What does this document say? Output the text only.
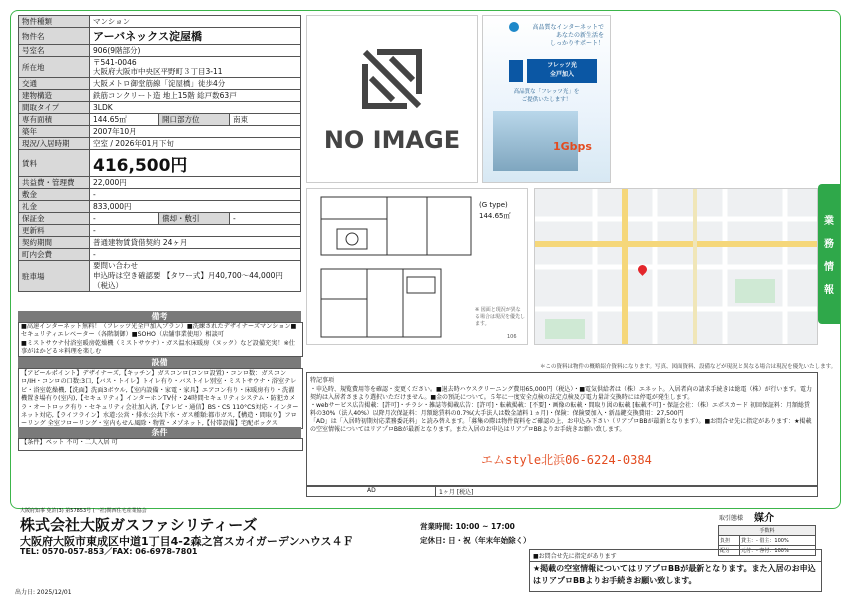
物件種類	マンション		
物件名	アーバネックス淀屋橋		
号室名	906(9階部分)		
所在地	〒541-0046
大阪府大阪市中央区平野町３丁目3-11		

交通	大阪メトロ御堂筋線「淀屋橋」徒歩4分		
建物構造	鉄筋コンクリート造 地上15階 総戸数63戸		
間取タイプ	3LDK		
専有面積	144.65㎡	開口部方位	南東
築年	2007年10月		
現況/入居時期	空室 / 2026年01月下旬		
賃料	416,500円		
共益費・管理費	22,000円		
敷金	-		
礼金	833,000円		
保証金	-	償却・敷引	-
更新料	-		
契約期間	普通建物賃貸借契約 24ヶ月		
町内会費	-		
駐車場	要問い合わせ
申込時は空き確認要 【タワー式】月40,700～44,000円（税込）		
備考
■高速インターネット無料！（フレッツ光全戸加入プラン）■洗練されたデザイナーズマンション■セキュリティエレベーター（各階制御）■SOHO（店舗事業使用）相談可
■ミストサウナ付浴室暖房乾燥機（ミストサウナ）・ガス温水床暖房（ヌック）など設備充実！※仕事がはかどる＊料理を楽しむ
設備
【アピールポイント】デザイナーズ,【キッチン】ガスコンロ(コンロ設置)・コンロ数：ガスコンロ/IH・コンロの口数:3口,【バス・トイレ】トイレ有り・バストイレ別室・ミストサウナ・浴室テレビ・浴室乾燥機,【洗面】洗面3ボウル,【室内設備・家電・家具】エアコン有り・床暖房有り・洗濯機置き場有り(室内),【セキュリティ】インターホンTV付・24時間セキュリティシステム・防犯カメラ・オートロック有り・セキュリティ会社加入済,【テレビ・通信】BS・CS 110°CS対応・インターネット対応,【ライフライン】水道:公営・排水:公共下水・ガス種類:都市ガス,【構造・間取り】フローリング 全室フローリング・室内もせん風除・物置・メゾネット,【付帯設備】宅配ボックス
条件
【条件】ペット 不可・二人入居 可
NO IMAGE
高品質なインターネットで
あなたの新生活を
しっかりサポート！
フレッツ光
全戸加入
高品質な「フレッツ光」を
ご提供いたします！
1Gbps
(G type)
144.65㎡
※ 図面と現況が異なる場合は現況を優先します。
106
＊この資料は物件の概略紹介資料になります。写真、図面資料、設備などが現況と異なる場合は現況を優先いたします。
特記事項
・申込時、規覧費用等を確認・変更ください。■退去時ハウスクリーニング費用65,000円（税込）・■電気供給者は（株）エネット。入居者向の請求手続きは総電（株）が行います。電力契約は入居者さまより選択いただけません。■金の預託について。５年に一度安全点検の法定点検及び電力量計交換時には停電が発生します。
・webサービス広告掲載：[許可]・チラシ・雑誌等掲載広告：[許可]・転載掲載：[不要]・画像の転載・間取り図の転載 [転載不可]・保証会社：（株）エポスカード 初回保証料：月額総賃料の30%（法人40%）以降月次保証料：月額総賃料の0.7%(大手法人は数金請料１ヵ月)・保険：保険要加入・新品鍵交換費用：27,500円
「AD」は「入居時初期対応業務委託料」と読み替えます。「募集の際は物件資料をご確認の上、お申込み下さい（リアプロBBが最新となります）。■お問合せ先に指定があります：★掲載の空室情報についてはリアプロBBが最新となります。また入居のお申込はリアプロBBよりお手続きお願い致します。
エムstyle北浜06-6224-0384
AD	1ヶ月 [税込]
業
務
情
報
大阪府知事 免許(3) 第57853号 (一社)関西住宅産業協会
株式会社大阪ガスファシリティーズ
大阪府大阪市東成区中道1丁目4-2森之宮スカイガーデンハウス４Ｆ
TEL: 0570-057-853／FAX: 06-6978-7801
営業時間: 10:00 ~ 17:00
定休日: 日・祝（年末年始除く）
出力日: 2025/12/01
取引態様 媒介
手数料	
負担	貸主：- 借主：100%
配分	元付：- 客付：100%
■お問合せ先に指定があります
★掲載の空室情報についてはリアプロBBが最新となります。また入居のお申込はリアプロBBよりお手続きお願い致します。
